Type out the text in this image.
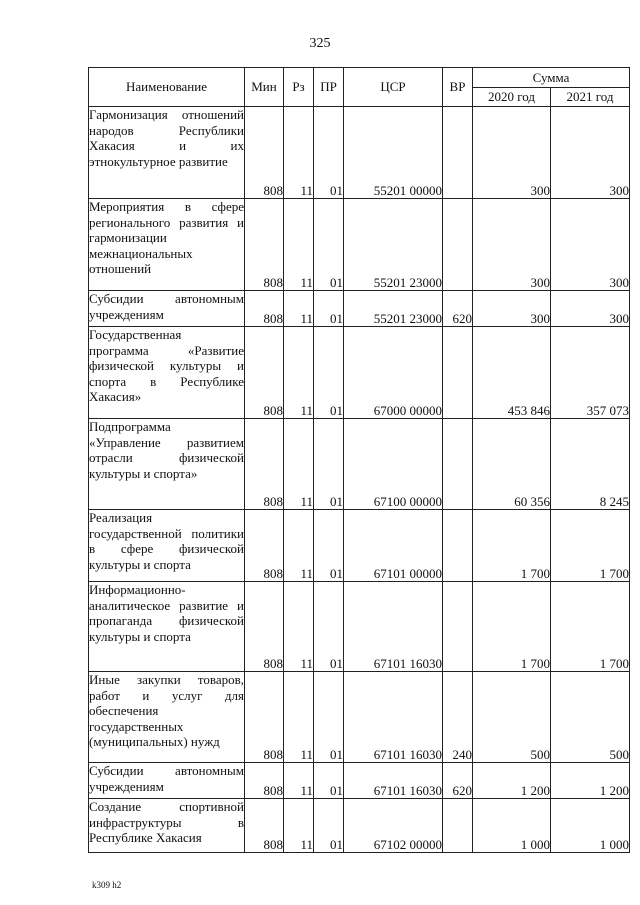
325
Наименование	Мин	Рз	ПР	ЦСР	ВР	Сумма	
						2020 год	2021 год
Гармонизация отношений народов Республики Хакасия и их этнокультурное развитие	808	11	01	55201 00000		300	300
Мероприятия в сфере регионального развития и гармонизации межнациональных отношений	808	11	01	55201 23000		300	300
Субсидии автономным учреждениям	808	11	01	55201 23000	620	300	300
Государственная программа «Развитие физической культуры и спорта в Республике Хакасия»	808	11	01	67000 00000		453 846	357 073
Подпрограмма «Управление развитием отрасли физической культуры и спорта»	808	11	01	67100 00000		60 356	8 245
Реализация государственной политики в сфере физической культуры и спорта	808	11	01	67101 00000		1 700	1 700
Информационно-аналитическое развитие и пропаганда физической культуры и спорта	808	11	01	67101 16030		1 700	1 700
Иные закупки товаров, работ и услуг для обеспечения государственных (муниципальных) нужд	808	11	01	67101 16030	240	500	500
Субсидии автономным учреждениям	808	11	01	67101 16030	620	1 200	1 200
Создание спортивной инфраструктуры в Республике Хакасия	808	11	01	67102 00000		1 000	1 000
k309 h2
